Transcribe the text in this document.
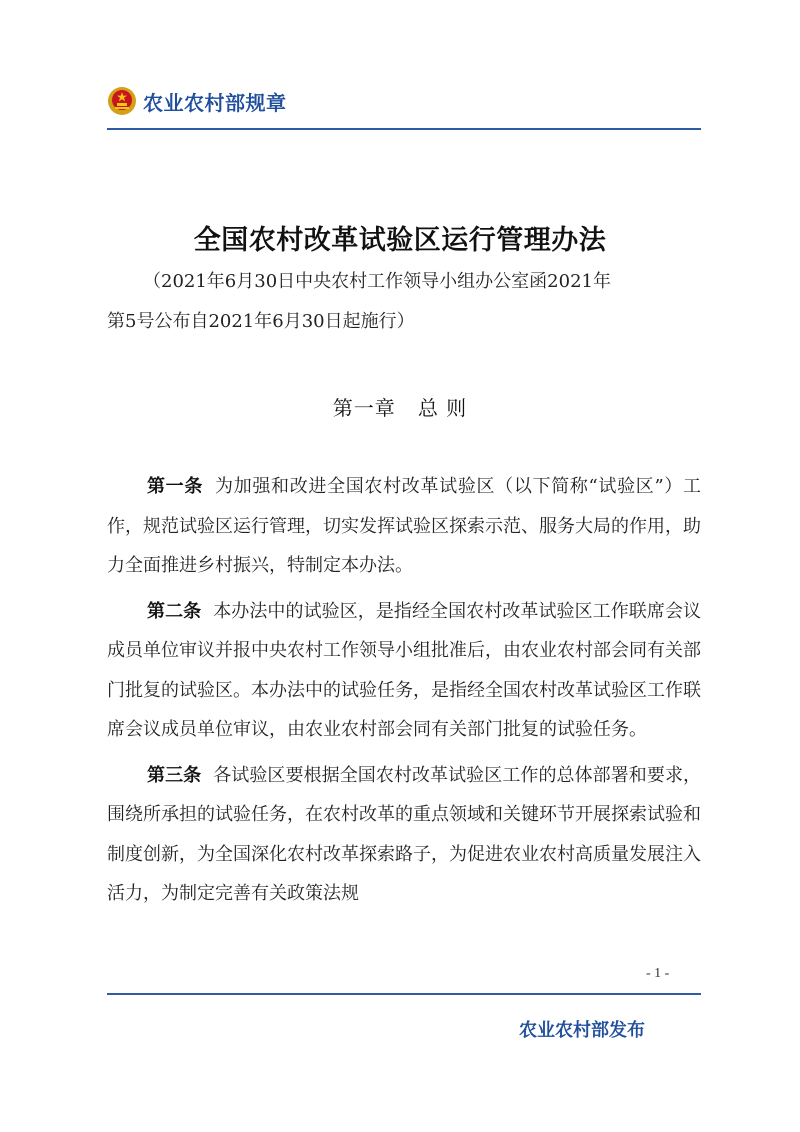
农业农村部规章
全国农村改革试验区运行管理办法
（2021年6月30日中央农村工作领导小组办公室函2021年
第5号公布自2021年6月30日起施行）
第一章 总 则

第一条 为加强和改进全国农村改革试验区（以下简称“试验区”）工作，规范试验区运行管理，切实发挥试验区探索示范、服务大局的作用，助力全面推进乡村振兴，特制定本办法。

第二条 本办法中的试验区，是指经全国农村改革试验区工作联席会议成员单位审议并报中央农村工作领导小组批准后，由农业农村部会同有关部门批复的试验区。本办法中的试验任务，是指经全国农村改革试验区工作联席会议成员单位审议，由农业农村部会同有关部门批复的试验任务。

第三条 各试验区要根据全国农村改革试验区工作的总体部署和要求，围绕所承担的试验任务，在农村改革的重点领域和关键环节开展探索试验和制度创新，为全国深化农村改革探索路子，为促进农业农村高质量发展注入活力，为制定完善有关政策法规

- 1 -
农业农村部发布
